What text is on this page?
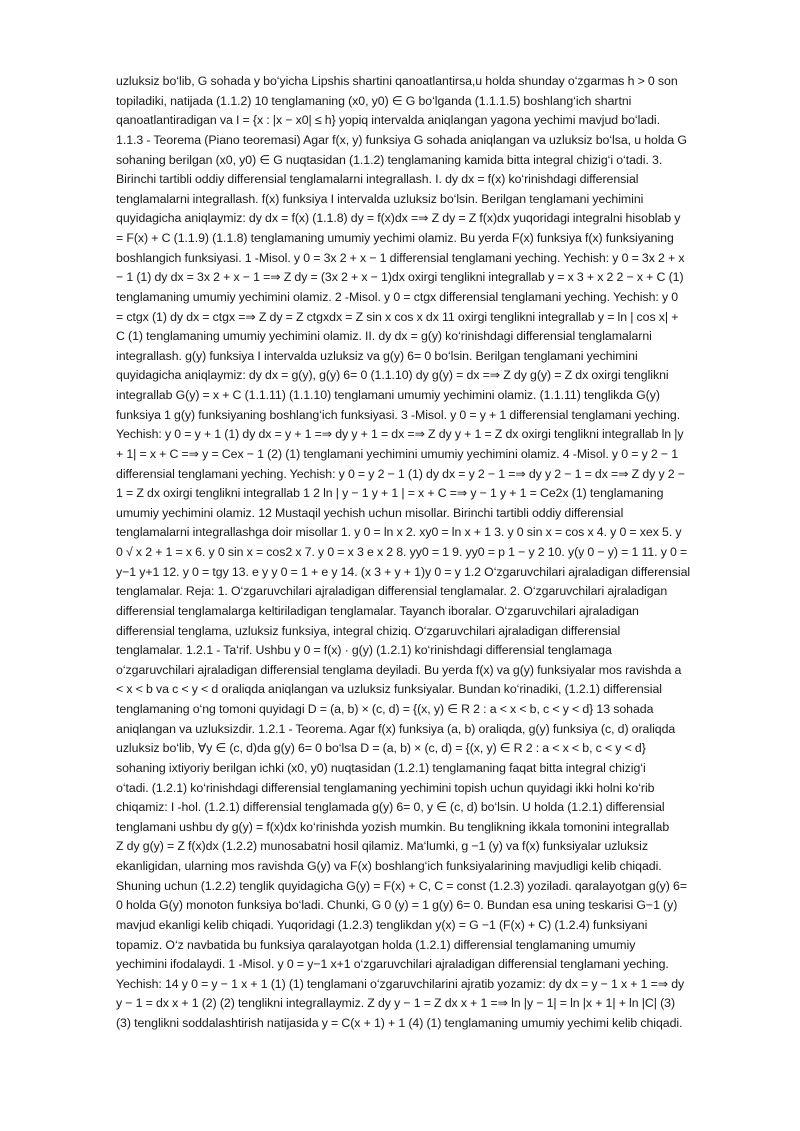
uzluksiz bo‘lib, G sohada y bo‘yicha Lipshis shartini qanoatlantirsa,u holda shunday o‘zgarmas h > 0 son
topiladiki, natijada (1.1.2) 10 tenglamaning (x0, y0) ∈ G bo‘lganda (1.1.1.5) boshlang‘ich shartni
qanoatlantiradigan va I = {x : |x − x0| ≤ h} yopiq intervalda aniqlangan yagona yechimi mavjud bo‘ladi.
1.1.3 - Teorema (Piano teoremasi) Agar f(x, y) funksiya G sohada aniqlangan va uzluksiz bo‘lsa, u holda G
sohaning berilgan (x0, y0) ∈ G nuqtasidan (1.1.2) tenglamaning kamida bitta integral chizig‘i o‘tadi. 3.
Birinchi tartibli oddiy differensial tenglamalarni integrallash. I. dy dx = f(x) ko‘rinishdagi differensial
tenglamalarni integrallash. f(x) funksiya I intervalda uzluksiz bo‘lsin. Berilgan tenglamani yechimini
quyidagicha aniqlaymiz: dy dx = f(x) (1.1.8) dy = f(x)dx =⇒ Z dy = Z f(x)dx yuqoridagi integralni hisoblab y
= F(x) + C (1.1.9) (1.1.8) tenglamaning umumiy yechimi olamiz. Bu yerda F(x) funksiya f(x) funksiyaning
boshlangich funksiyasi. 1 -Misol. y 0 = 3x 2 + x − 1 differensial tenglamani yeching. Yechish: y 0 = 3x 2 + x
− 1 (1) dy dx = 3x 2 + x − 1 =⇒ Z dy = (3x 2 + x − 1)dx oxirgi tenglikni integrallab y = x 3 + x 2 2 − x + C (1)
tenglamaning umumiy yechimini olamiz. 2 -Misol. y 0 = ctgx differensial tenglamani yeching. Yechish: y 0
= ctgx (1) dy dx = ctgx =⇒ Z dy = Z ctgxdx = Z sin x cos x dx 11 oxirgi tenglikni integrallab y = ln | cos x| +
C (1) tenglamaning umumiy yechimini olamiz. II. dy dx = g(y) ko‘rinishdagi differensial tenglamalarni
integrallash. g(y) funksiya I intervalda uzluksiz va g(y) 6= 0 bo‘lsin. Berilgan tenglamani yechimini
quyidagicha aniqlaymiz: dy dx = g(y), g(y) 6= 0 (1.1.10) dy g(y) = dx =⇒ Z dy g(y) = Z dx oxirgi tenglikni
integrallab G(y) = x + C (1.1.11) (1.1.10) tenglamani umumiy yechimini olamiz. (1.1.11) tenglikda G(y)
funksiya 1 g(y) funksiyaning boshlang‘ich funksiyasi. 3 -Misol. y 0 = y + 1 differensial tenglamani yeching.
Yechish: y 0 = y + 1 (1) dy dx = y + 1 =⇒ dy y + 1 = dx =⇒ Z dy y + 1 = Z dx oxirgi tenglikni integrallab ln |y
+ 1| = x + C =⇒ y = Cex − 1 (2) (1) tenglamani yechimini umumiy yechimini olamiz. 4 -Misol. y 0 = y 2 − 1
differensial tenglamani yeching. Yechish: y 0 = y 2 − 1 (1) dy dx = y 2 − 1 =⇒ dy y 2 − 1 = dx =⇒ Z dy y 2 −
1 = Z dx oxirgi tenglikni integrallab 1 2 ln | y − 1 y + 1 | = x + C =⇒ y − 1 y + 1 = Ce2x (1) tenglamaning
umumiy yechimini olamiz. 12 Mustaqil yechish uchun misollar. Birinchi tartibli oddiy differensial
tenglamalarni integrallashga doir misollar 1. y 0 = ln x 2. xy0 = ln x + 1 3. y 0 sin x = cos x 4. y 0 = xex 5. y
0 √ x 2 + 1 = x 6. y 0 sin x = cos2 x 7. y 0 = x 3 e x 2 8. yy0 = 1 9. yy0 = p 1 − y 2 10. y(y 0 − y) = 1 11. y 0 =
y−1 y+1 12. y 0 = tgy 13. e y y 0 = 1 + e y 14. (x 3 + y + 1)y 0 = y 1.2 O‘zgaruvchilari ajraladigan differensial
tenglamalar. Reja: 1. O‘zgaruvchilari ajraladigan differensial tenglamalar. 2. O‘zgaruvchilari ajraladigan
differensial tenglamalarga keltiriladigan tenglamalar. Tayanch iboralar. O‘zgaruvchilari ajraladigan
differensial tenglama, uzluksiz funksiya, integral chiziq. O‘zgaruvchilari ajraladigan differensial
tenglamalar. 1.2.1 - Ta‘rif. Ushbu y 0 = f(x) · g(y) (1.2.1) ko‘rinishdagi differensial tenglamaga
o‘zgaruvchilari ajraladigan differensial tenglama deyiladi. Bu yerda f(x) va g(y) funksiyalar mos ravishda a
< x < b va c < y < d oraliqda aniqlangan va uzluksiz funksiyalar. Bundan ko‘rinadiki, (1.2.1) differensial
tenglamaning o‘ng tomoni quyidagi D = (a, b) × (c, d) = {(x, y) ∈ R 2 : a < x < b, c < y < d} 13 sohada
aniqlangan va uzluksizdir. 1.2.1 - Teorema. Agar f(x) funksiya (a, b) oraliqda, g(y) funksiya (c, d) oraliqda
uzluksiz bo‘lib, ∀y ∈ (c, d)da g(y) 6= 0 bo‘lsa D = (a, b) × (c, d) = {(x, y) ∈ R 2 : a < x < b, c < y < d}
sohaning ixtiyoriy berilgan ichki (x0, y0) nuqtasidan (1.2.1) tenglamaning faqat bitta integral chizig‘i
o‘tadi. (1.2.1) ko‘rinishdagi differensial tenglamaning yechimini topish uchun quyidagi ikki holni ko‘rib
chiqamiz: I -hol. (1.2.1) differensial tenglamada g(y) 6= 0, y ∈ (c, d) bo‘lsin. U holda (1.2.1) differensial
tenglamani ushbu dy g(y) = f(x)dx ko‘rinishda yozish mumkin. Bu tenglikning ikkala tomonini integrallab
Z dy g(y) = Z f(x)dx (1.2.2) munosabatni hosil qilamiz. Ma‘lumki, g −1 (y) va f(x) funksiyalar uzluksiz
ekanligidan, ularning mos ravishda G(y) va F(x) boshlang‘ich funksiyalarining mavjudligi kelib chiqadi.
Shuning uchun (1.2.2) tenglik quyidagicha G(y) = F(x) + C, C = const (1.2.3) yoziladi. qaralayotgan g(y) 6=
0 holda G(y) monoton funksiya bo‘ladi. Chunki, G 0 (y) = 1 g(y) 6= 0. Bundan esa uning teskarisi G−1 (y)
mavjud ekanligi kelib chiqadi. Yuqoridagi (1.2.3) tenglikdan y(x) = G −1 (F(x) + C) (1.2.4) funksiyani
topamiz. O‘z navbatida bu funksiya qaralayotgan holda (1.2.1) differensial tenglamaning umumiy
yechimini ifodalaydi. 1 -Misol. y 0 = y−1 x+1 o‘zgaruvchilari ajraladigan differensial tenglamani yeching.
Yechish: 14 y 0 = y − 1 x + 1 (1) (1) tenglamani o‘zgaruvchilarini ajratib yozamiz: dy dx = y − 1 x + 1 =⇒ dy
y − 1 = dx x + 1 (2) (2) tenglikni integrallaymiz. Z dy y − 1 = Z dx x + 1 =⇒ ln |y − 1| = ln |x + 1| + ln |C| (3)
(3) tenglikni soddalashtirish natijasida y = C(x + 1) + 1 (4) (1) tenglamaning umumiy yechimi kelib chiqadi.
